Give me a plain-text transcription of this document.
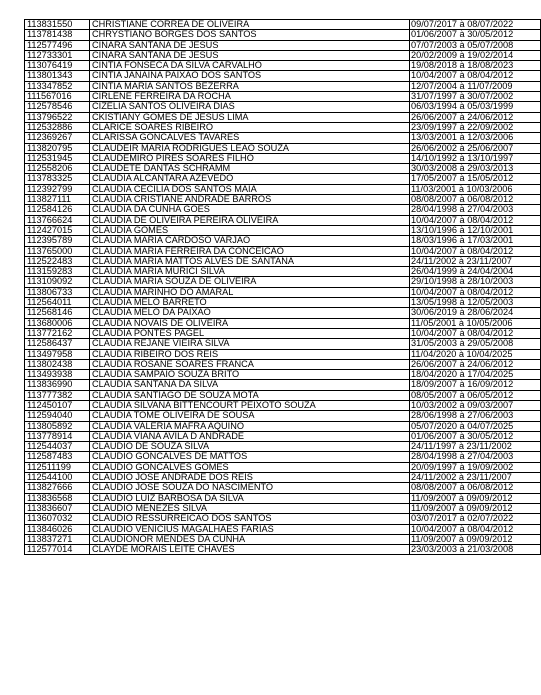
113831550	CHRISTIANE CORREA DE OLIVEIRA	09/07/2017 à 08/07/2022
113781438	CHRYSTIANO BORGES DOS SANTOS	01/06/2007 à 30/05/2012
112577496	CINARA SANTANA DE JESUS	07/07/2003 à 05/07/2008
112733301	CINARA SANTANA DE JESUS	20/02/2009 à 19/02/2014
113076419	CINTIA FONSECA DA SILVA CARVALHO	19/08/2018 à 18/08/2023
113801343	CINTIA JANAINA PAIXAO DOS SANTOS	10/04/2007 à 08/04/2012
113347852	CINTIA MARIA SANTOS BEZERRA	12/07/2004 à 11/07/2009
111567016	CIRLENE FERREIRA DA ROCHA	31/07/1997 à 30/07/2002
112578546	CIZELIA SANTOS OLIVEIRA DIAS	06/03/1994 à 05/03/1999
113796522	CKISTIANY GOMES DE JESUS LIMA	26/06/2007 à 24/06/2012
112532886	CLARICE SOARES RIBEIRO	23/09/1997 à 22/09/2002
112369267	CLARISSA GONCALVES TAVARES	13/03/2001 à 12/03/2006
113820795	CLAUDEIR MARIA RODRIGUES LEAO SOUZA	26/06/2002 à 25/06/2007
112531945	CLAUDEMIRO PIRES SOARES FILHO	14/10/1992 à 13/10/1997
112558206	CLAUDETE DANTAS SCHRAMM	30/03/2008 à 29/03/2013
113783325	CLAUDIA ALCANTARA AZEVEDO	17/05/2007 à 15/05/2012
112392799	CLAUDIA CECILIA DOS SANTOS MAIA	11/03/2001 à 10/03/2006
113827111	CLAUDIA CRISTIANE ANDRADE BARROS	08/08/2007 à 06/08/2012
112584126	CLAUDIA DA CUNHA GOES	28/04/1998 à 27/04/2003
113766624	CLAUDIA DE OLIVEIRA PEREIRA OLIVEIRA	10/04/2007 à 08/04/2012
112427015	CLAUDIA GOMES	13/10/1996 à 12/10/2001
112395789	CLAUDIA MARIA CARDOSO VARJAO	18/03/1996 à 17/03/2001
113765000	CLAUDIA MARIA FERREIRA DA CONCEICAO	10/04/2007 à 08/04/2012
112522483	CLAUDIA MARIA MATTOS ALVES DE SANTANA	24/11/2002 à 23/11/2007
113159283	CLAUDIA MARIA MURICI SILVA	26/04/1999 à 24/04/2004
113109092	CLAUDIA MARIA SOUZA DE OLIVEIRA	29/10/1998 à 28/10/2003
113806733	CLAUDIA MARINHO DO AMARAL	10/04/2007 à 08/04/2012
112564011	CLAUDIA MELO BARRETO	13/05/1998 à 12/05/2003
112568146	CLAUDIA MELO DA PAIXAO	30/06/2019 à 28/06/2024
113680006	CLAUDIA NOVAIS DE OLIVEIRA	11/05/2001 à 10/05/2006
113772162	CLAUDIA PONTES PAGEL	10/04/2007 à 08/04/2012
112586437	CLAUDIA REJANE VIEIRA SILVA	31/05/2003 à 29/05/2008
113497958	CLAUDIA RIBEIRO DOS REIS	11/04/2020 à 10/04/2025
113802438	CLAUDIA ROSANE SOARES FRANCA	26/06/2007 à 24/06/2012
113493938	CLAUDIA SAMPAIO SOUZA BRITO	18/04/2020 à 17/04/2025
113836990	CLAUDIA SANTANA DA SILVA	18/09/2007 à 16/09/2012
113777382	CLAUDIA SANTIAGO DE SOUZA MOTA	08/05/2007 à 06/05/2012
112450107	CLAUDIA SILVANA BITTENCOURT PEIXOTO SOUZA	10/03/2002 à 09/03/2007
112594040	CLAUDIA TOME OLIVEIRA DE SOUSA	28/06/1998 à 27/06/2003
113805892	CLAUDIA VALERIA MAFRA AQUINO	05/07/2020 à 04/07/2025
113778914	CLAUDIA VIANA AVILA D ANDRADE	01/06/2007 à 30/05/2012
112544037	CLAUDIO DE SOUZA SILVA	24/11/1997 à 23/11/2002
112587483	CLAUDIO GONCALVES DE MATTOS	28/04/1998 à 27/04/2003
112511199	CLAUDIO GONCALVES GOMES	20/09/1997 à 19/09/2002
112544100	CLAUDIO JOSE ANDRADE DOS REIS	24/11/2002 à 23/11/2007
113827666	CLAUDIO JOSE SOUZA DO NASCIMENTO	08/08/2007 à 06/08/2012
113836568	CLAUDIO LUIZ BARBOSA DA SILVA	11/09/2007 à 09/09/2012
113836607	CLAUDIO MENEZES SILVA	11/09/2007 à 09/09/2012
113607032	CLAUDIO RESSURREICAO DOS SANTOS	03/07/2017 à 02/07/2022
113846026	CLAUDIO VENICIUS MAGALHAES FARIAS	10/04/2007 à 08/04/2012
113837271	CLAUDIONOR MENDES DA CUNHA	11/09/2007 à 09/09/2012
112577014	CLAYDE MORAIS LEITE CHAVES	23/03/2003 à 21/03/2008
